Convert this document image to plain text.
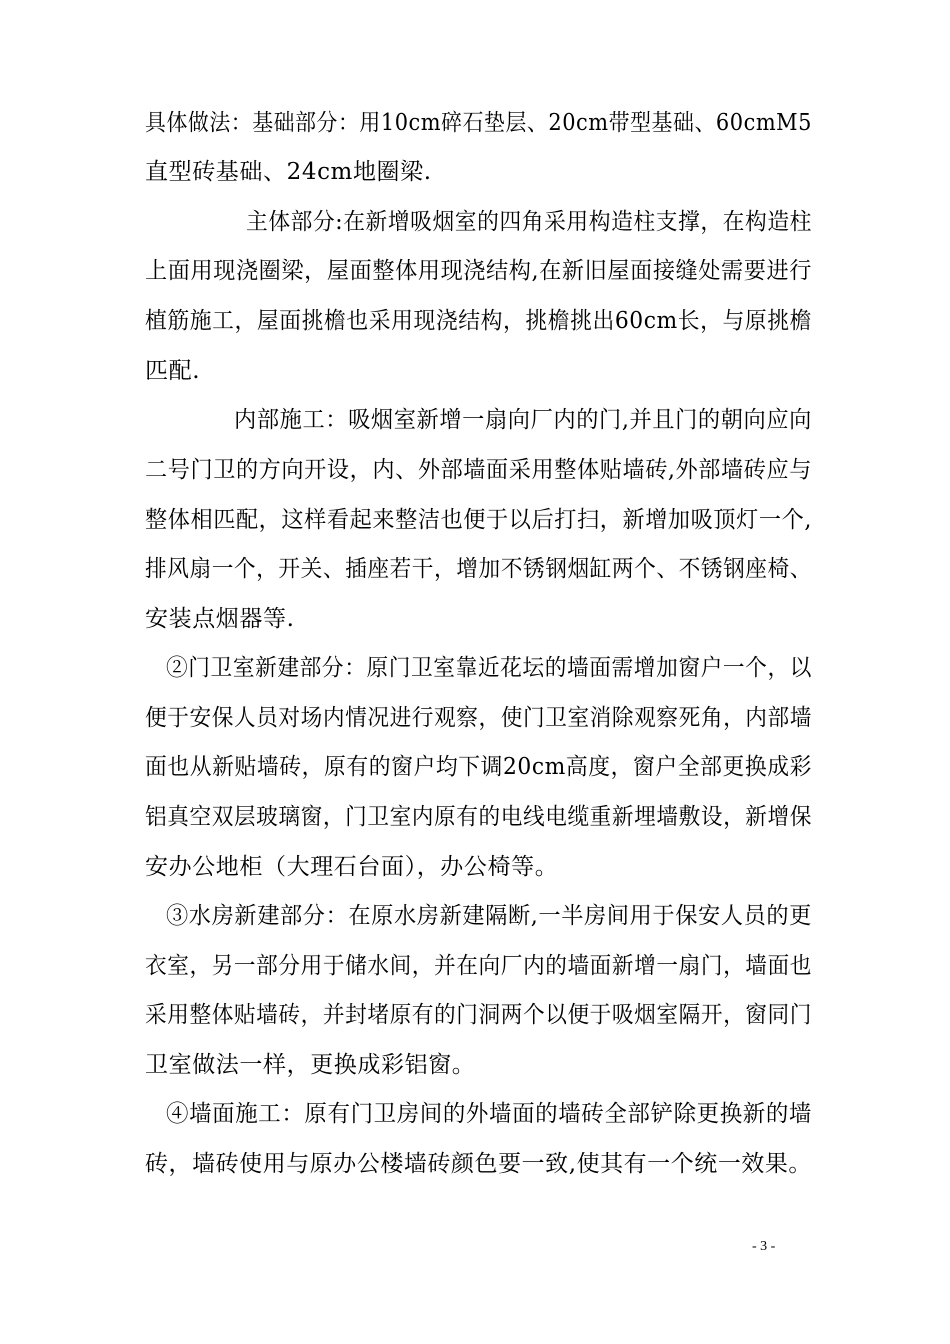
具体做法：基础部分：用10cm碎石垫层、20cm带型基础、60cmM5
直型砖基础、24cm地圈梁.
主体部分:在新增吸烟室的四角采用构造柱支撑，在构造柱
上面用现浇圈梁，屋面整体用现浇结构,在新旧屋面接缝处需要进行
植筋施工，屋面挑檐也采用现浇结构，挑檐挑出60cm长，与原挑檐
匹配.
内部施工：吸烟室新增一扇向厂内的门,并且门的朝向应向
二号门卫的方向开设，内、外部墙面采用整体贴墙砖,外部墙砖应与
整体相匹配，这样看起来整洁也便于以后打扫，新增加吸顶灯一个,
排风扇一个，开关、插座若干，增加不锈钢烟缸两个、不锈钢座椅、
安装点烟器等.
②门卫室新建部分：原门卫室靠近花坛的墙面需增加窗户一个，以
便于安保人员对场内情况进行观察，使门卫室消除观察死角，内部墙
面也从新贴墙砖，原有的窗户均下调20cm高度，窗户全部更换成彩
铝真空双层玻璃窗，门卫室内原有的电线电缆重新埋墙敷设，新增保
安办公地柜（大理石台面），办公椅等。
③水房新建部分：在原水房新建隔断,一半房间用于保安人员的更
衣室，另一部分用于储水间，并在向厂内的墙面新增一扇门，墙面也
采用整体贴墙砖，并封堵原有的门洞两个以便于吸烟室隔开，窗同门
卫室做法一样，更换成彩铝窗。
④墙面施工：原有门卫房间的外墙面的墙砖全部铲除更换新的墙
砖，墙砖使用与原办公楼墙砖颜色要一致,使其有一个统一效果。
- 3 -
